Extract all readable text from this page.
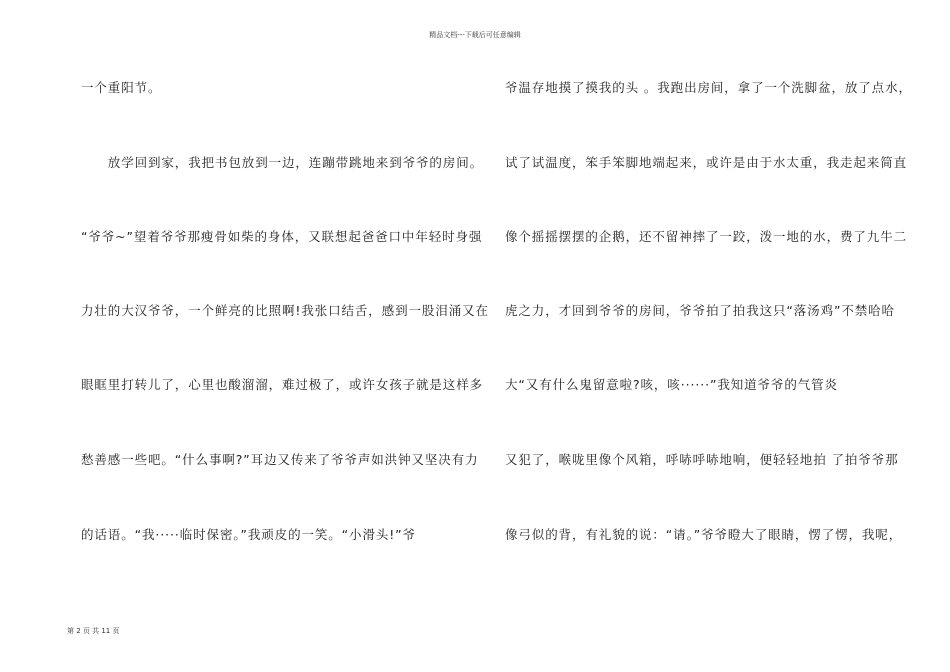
精品文档---下载后可任意编辑
一个重阳节。
　　放学回到家，我把书包放到一边，连蹦带跳地来到爷爷的房间。
“爷爷~”望着爷爷那瘦骨如柴的身体，又联想起爸爸口中年轻时身强
力壮的大汉爷爷，一个鲜亮的比照啊!我张口结舌，感到一股泪涌又在
眼眶里打转儿了，心里也酸溜溜，难过极了，或许女孩子就是这样多
愁善感一些吧。“什么事啊?”耳边又传来了爷爷声如洪钟又坚决有力
的话语。“我·····临时保密。”我顽皮的一笑。“小滑头!”爷
爷温存地摸了摸我的头 。我跑出房间，拿了一个洗脚盆，放了点水，
试了试温度，笨手笨脚地端起来，或许是由于水太重，我走起来简直
像个摇摇摆摆的企鹅，还不留神摔了一跤，泼一地的水，费了九牛二
虎之力，才回到爷爷的房间，爷爷拍了拍我这只“落汤鸡”不禁哈哈
大“又有什么鬼留意啦?咳，咳······”我知道爷爷的气管炎
又犯了，喉咙里像个风箱，呼哧呼哧地响，便轻轻地拍 了拍爷爷那
像弓似的背，有礼貌的说：“请。”爷爷瞪大了眼睛，愣了愣，我呢，
第 2 页 共 11 页
